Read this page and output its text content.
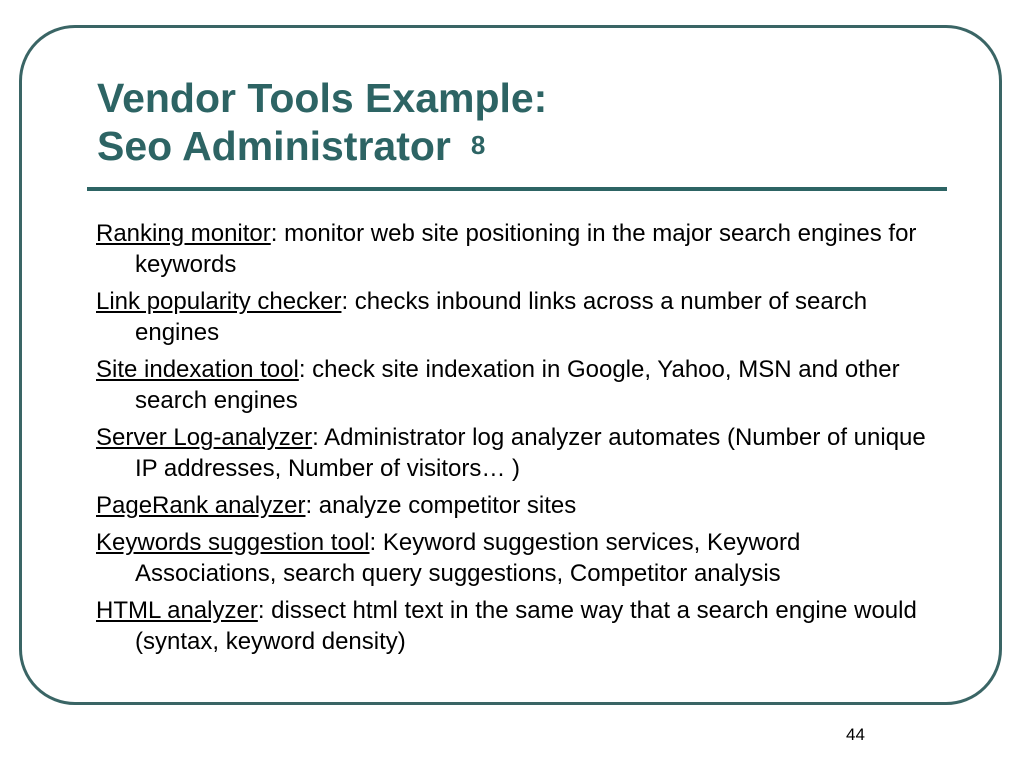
Vendor Tools Example:
Seo Administrator $^8$
Ranking monitor: monitor web site positioning in the major search engines for keywords
Link popularity checker: checks inbound links across a number of search engines
Site indexation tool: check site indexation in Google, Yahoo, MSN and other search engines
Server Log-analyzer: Administrator log analyzer automates (Number of unique IP addresses, Number of visitors… )
PageRank analyzer: analyze competitor sites
Keywords suggestion tool: Keyword suggestion services, Keyword Associations, search query suggestions, Competitor analysis
HTML analyzer: dissect html text in the same way that a search engine would (syntax, keyword density)
44
